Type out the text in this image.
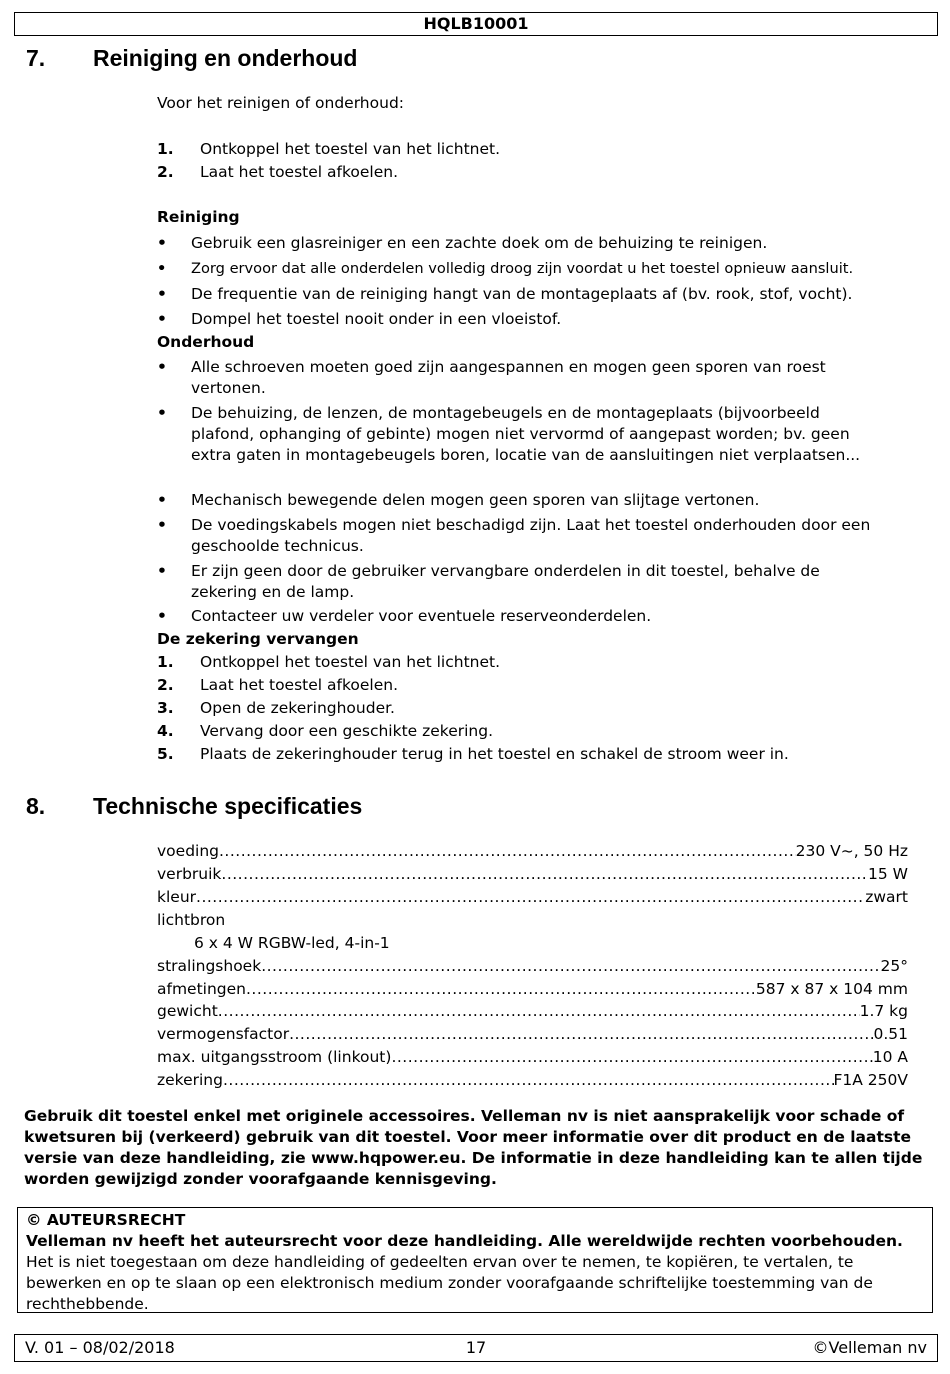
HQLB10001
7. Reiniging en onderhoud
Voor het reinigen of onderhoud:
1. Ontkoppel het toestel van het lichtnet.
2. Laat het toestel afkoelen.
Reiniging
• Gebruik een glasreiniger en een zachte doek om de behuizing te reinigen.
• Zorg ervoor dat alle onderdelen volledig droog zijn voordat u het toestel opnieuw aansluit.
• De frequentie van de reiniging hangt van de montageplaats af (bv. rook, stof, vocht).
• Dompel het toestel nooit onder in een vloeistof.
Onderhoud
• Alle schroeven moeten goed zijn aangespannen en mogen geen sporen van roest vertonen.
• De behuizing, de lenzen, de montagebeugels en de montageplaats (bijvoorbeeld plafond, ophanging of gebinte) mogen niet vervormd of aangepast worden; bv. geen extra gaten in montagebeugels boren, locatie van de aansluitingen niet verplaatsen...
• Mechanisch bewegende delen mogen geen sporen van slijtage vertonen.
• De voedingskabels mogen niet beschadigd zijn. Laat het toestel onderhouden door een geschoolde technicus.
• Er zijn geen door de gebruiker vervangbare onderdelen in dit toestel, behalve de zekering en de lamp.
• Contacteer uw verdeler voor eventuele reserveonderdelen.
De zekering vervangen
1. Ontkoppel het toestel van het lichtnet.
2. Laat het toestel afkoelen.
3. Open de zekeringhouder.
4. Vervang door een geschikte zekering.
5. Plaats de zekeringhouder terug in het toestel en schakel de stroom weer in.
8. Technische specificaties
voeding .....	230 V~, 50 Hz
verbruik .....	15 W
kleur .....	zwart
lichtbron
6 x 4 W RGBW-led, 4-in-1
stralingshoek .....	25°
afmetingen .....	587 x 87 x 104 mm
gewicht .....	1.7 kg
vermogensfactor .....	0.51
max. uitgangsstroom (linkout) .....	10 A
zekering .....	F1A 250V
Gebruik dit toestel enkel met originele accessoires. Velleman nv is niet aansprakelijk voor schade of kwetsuren bij (verkeerd) gebruik van dit toestel. Voor meer informatie over dit product en de laatste versie van deze handleiding, zie www.hqpower.eu. De informatie in deze handleiding kan te allen tijde worden gewijzigd zonder voorafgaande kennisgeving.
© AUTEURSRECHT
Velleman nv heeft het auteursrecht voor deze handleiding. Alle wereldwijde rechten voorbehouden. Het is niet toegestaan om deze handleiding of gedeelten ervan over te nemen, te kopiëren, te vertalen, te bewerken en op te slaan op een elektronisch medium zonder voorafgaande schriftelijke toestemming van de rechthebbende.
V. 01 – 08/02/2018	17	©Velleman nv
